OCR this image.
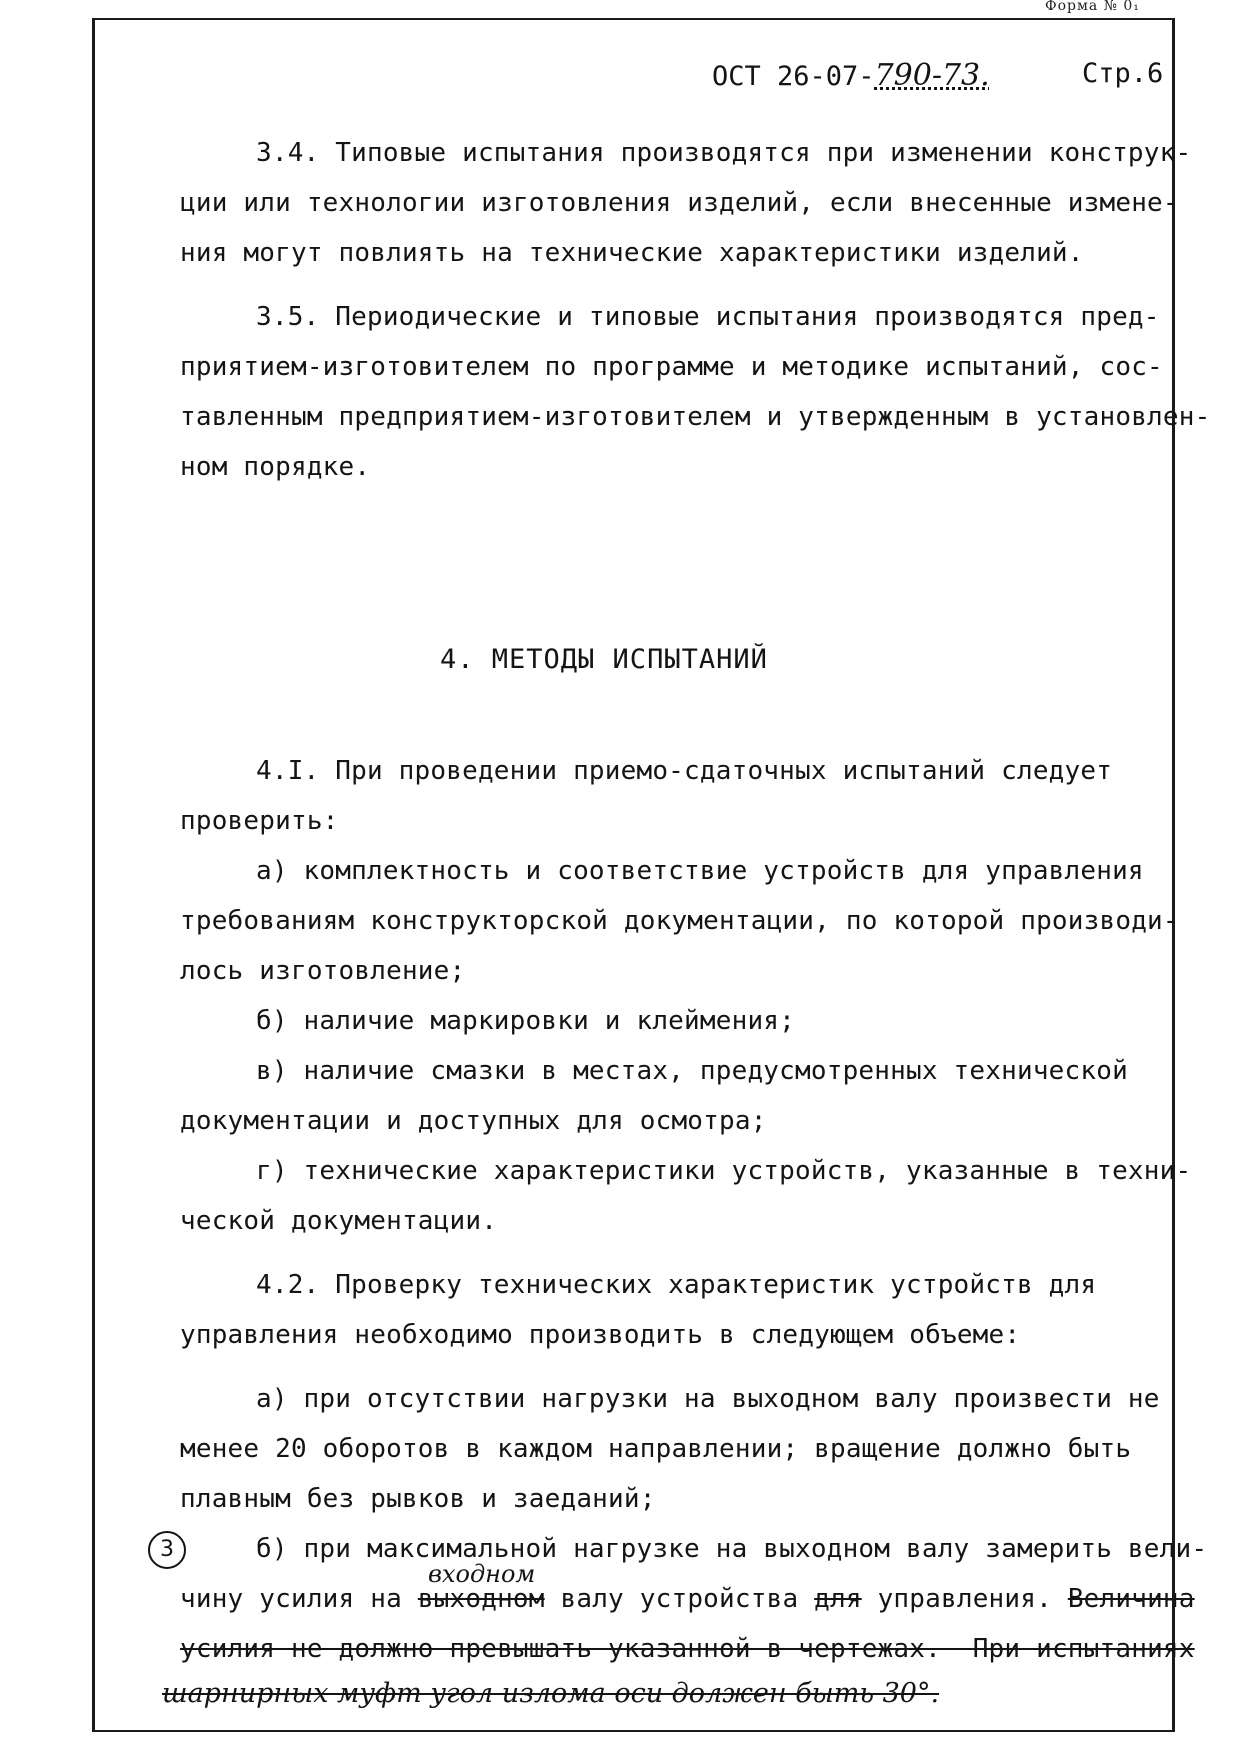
Форма № 0₁
ОСТ 26-07-790-73.	Стр.6
3.4. Типовые испытания производятся при изменении конструк-
ции или технологии изготовления изделий, если внесенные измене-
ния могут повлиять на технические характеристики изделий.
3.5. Периодические и типовые испытания производятся пред-
приятием-изготовителем по программе и методике испытаний, сос-
тавленным предприятием-изготовителем и утвержденным в установлен-
ном порядке.
4. МЕТОДЫ ИСПЫТАНИЙ
4.I. При проведении приемо-сдаточных испытаний следует
проверить:
а) комплектность и соответствие устройств для управления
требованиям конструкторской документации, по которой производи-
лось изготовление;
б) наличие маркировки и клеймения;
в) наличие смазки в местах, предусмотренных технической
документации и доступных для осмотра;
г) технические характеристики устройств, указанные в техни-
ческой документации.
4.2. Проверку технических характеристик устройств для
управления необходимо производить в следующем объеме:
а) при отсутствии нагрузки на выходном валу произвести не
менее 20 оборотов в каждом направлении; вращение должно быть
плавным без рывков и заеданий;
3	б) при максимальной нагрузке на выходном валу замерить вели-
входном
чину усилия на выходном валу устройства для управления. Величина
усилия не должно превышать указанной в чертежах. При испытаниях
шарнирных муфт угол излома оси должен быть 30°.
